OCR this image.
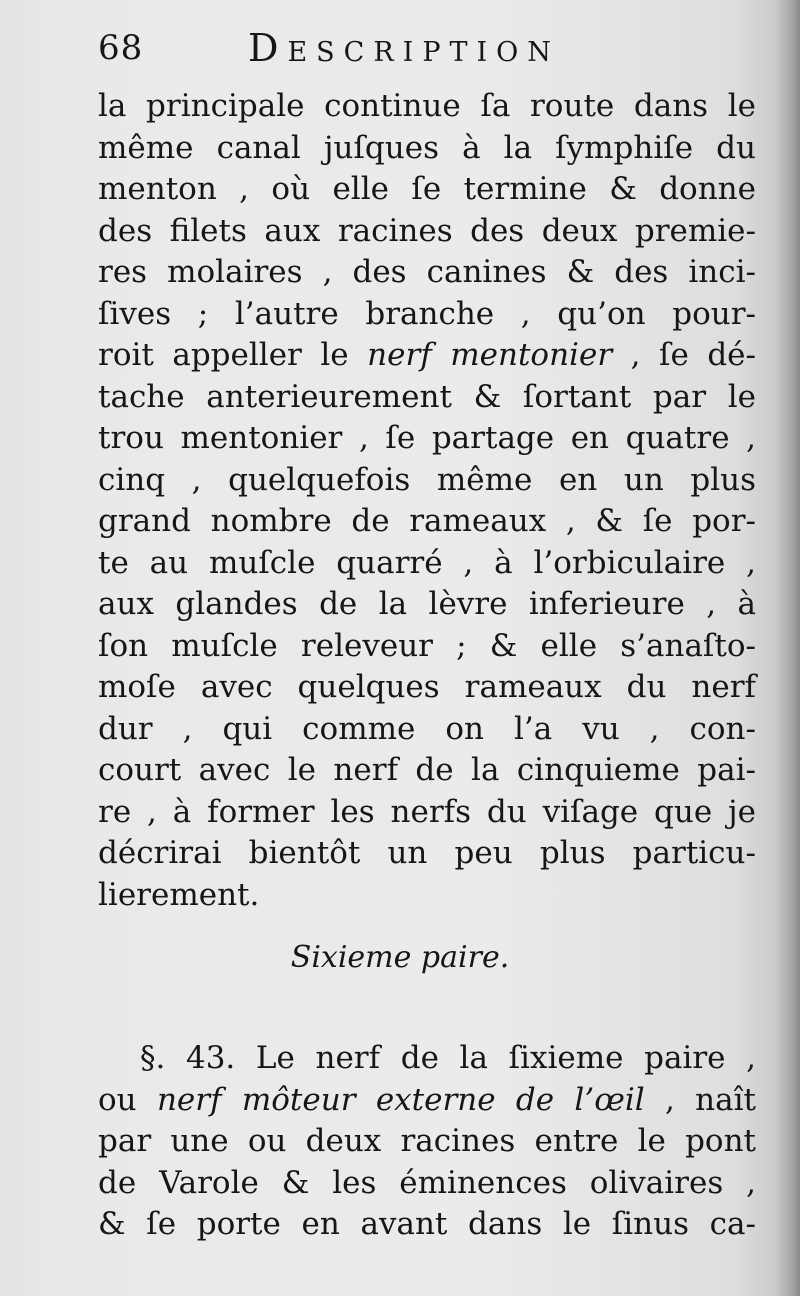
68	Description
la principale continue ſa route dans le
même canal juſques à la ſymphiſe du
menton , où elle ſe termine & donne
des filets aux racines des deux premie-
res molaires , des canines & des inci-
ſives ; l’autre branche , qu’on pour-
roit appeller le nerf mentonier , ſe dé-
tache anterieurement & ſortant par le
trou mentonier , ſe partage en quatre ,
cinq , quelquefois même en un plus
grand nombre de rameaux , & ſe por-
te au muſcle quarré , à l’orbiculaire ,
aux glandes de la lèvre inferieure , à
ſon muſcle releveur ; & elle s’anaſto-
moſe avec quelques rameaux du nerf
dur , qui comme on l’a vu , con-
court avec le nerf de la cinquieme pai-
re , à former les nerfs du viſage que je
décrirai bientôt un peu plus particu-
lierement.
Sixieme paire.
§. 43. Le nerf de la ſixieme paire ,
ou nerf môteur externe de l’œil , naît
par une ou deux racines entre le pont
de Varole & les éminences olivaires ,
& ſe porte en avant dans le ſinus ca-
